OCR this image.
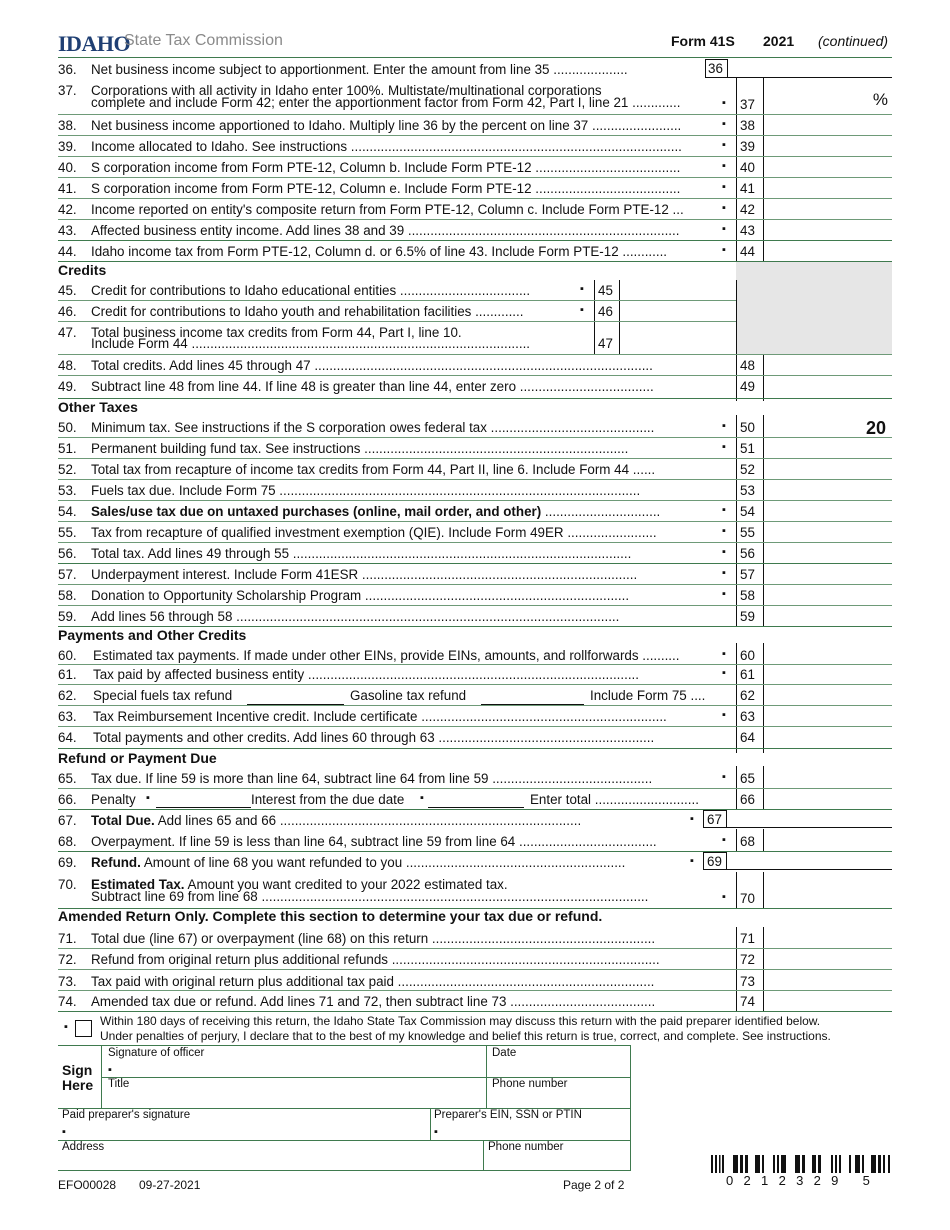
IDAHO
State Tax Commission	Form 41S 2021 (continued)
36. Net business income subject to apportionment. Enter the amount from line 35 ....................	36
37. Corporations with all activity in Idaho enter 100%. Multistate/multinational corporations
complete and include Form 42; enter the apportionment factor from Form 42, Part I, line 21 .............	▪ 37	%
38. Net business income apportioned to Idaho. Multiply line 36 by the percent on line 37 ........................	▪ 38
39. Income allocated to Idaho. See instructions .........................................................................................	▪ 39
40. S corporation income from Form PTE-12, Column b. Include Form PTE-12 .......................................	▪ 40
41. S corporation income from Form PTE-12, Column e. Include Form PTE-12 .......................................	▪ 41
42. Income reported on entity's composite return from Form PTE-12, Column c. Include Form PTE-12 ...	▪ 42
43. Affected business entity income. Add lines 38 and 39 .........................................................................	▪ 43
44. Idaho income tax from Form PTE-12, Column d. or 6.5% of line 43. Include Form PTE-12 ............	▪ 44
Credits
45. Credit for contributions to Idaho educational entities ...................................	▪ 45
46. Credit for contributions to Idaho youth and rehabilitation facilities .............	▪ 46
47. Total business income tax credits from Form 44, Part I, line 10.
Include Form 44 ...........................................................................................	47
48. Total credits. Add lines 45 through 47 ...........................................................................................	48
49. Subtract line 48 from line 44. If line 48 is greater than line 44, enter zero ....................................	49
Other Taxes
50. Minimum tax. See instructions if the S corporation owes federal tax ............................................	▪ 50	20
51. Permanent building fund tax. See instructions .......................................................................	▪ 51
52. Total tax from recapture of income tax credits from Form 44, Part II, line 6. Include Form 44 ......	52
53. Fuels tax due. Include Form 75 .................................................................................................	53
54. Sales/use tax due on untaxed purchases (online, mail order, and other) ...............................	▪ 54
55. Tax from recapture of qualified investment exemption (QIE). Include Form 49ER ........................	▪ 55
56. Total tax. Add lines 49 through 55 ...........................................................................................	▪ 56
57. Underpayment interest. Include Form 41ESR ..........................................................................	▪ 57
58. Donation to Opportunity Scholarship Program .......................................................................	▪ 58
59. Add lines 56 through 58 .......................................................................................................	59
Payments and Other Credits
60. Estimated tax payments. If made under other EINs, provide EINs, amounts, and rollforwards ..........	▪ 60
61. Tax paid by affected business entity .........................................................................................	▪ 61
62. Special fuels tax refund	Gasoline tax refund	Include Form 75 ....	62
63. Tax Reimbursement Incentive credit. Include certificate ..................................................................	▪ 63
64. Total payments and other credits. Add lines 60 through 63 ..........................................................	64
Refund or Payment Due
65. Tax due. If line 59 is more than line 64, subtract line 64 from line 59 ...........................................	▪ 65
66. Penalty ▪	Interest from the due date ▪	Enter total ............................	66
67. Total Due. Add lines 65 and 66 .................................................................................	▪ 67
68. Overpayment. If line 59 is less than line 64, subtract line 59 from line 64 .....................................	▪ 68
69. Refund. Amount of line 68 you want refunded to you ...........................................................	▪ 69
70. Estimated Tax. Amount you want credited to your 2022 estimated tax.
Subtract line 69 from line 68 ........................................................................................................	▪ 70
Amended Return Only. Complete this section to determine your tax due or refund.
71. Total due (line 67) or overpayment (line 68) on this return ............................................................	71
72. Refund from original return plus additional refunds ........................................................................	72
73. Tax paid with original return plus additional tax paid .....................................................................	73
74. Amended tax due or refund. Add lines 71 and 72, then subtract line 73 .......................................	74
▪	Within 180 days of receiving this return, the Idaho State Tax Commission may discuss this return with the paid preparer identified below.
Under penalties of perjury, I declare that to the best of my knowledge and belief this return is true, correct, and complete. See instructions.
Sign
Here
Signature of officer
▪
Date
Title	Phone number
Paid preparer's signature
▪
Preparer's EIN, SSN or PTIN
▪
Address	Phone number
0212329 5
EFO00028 09-27-2021	Page 2 of 2
